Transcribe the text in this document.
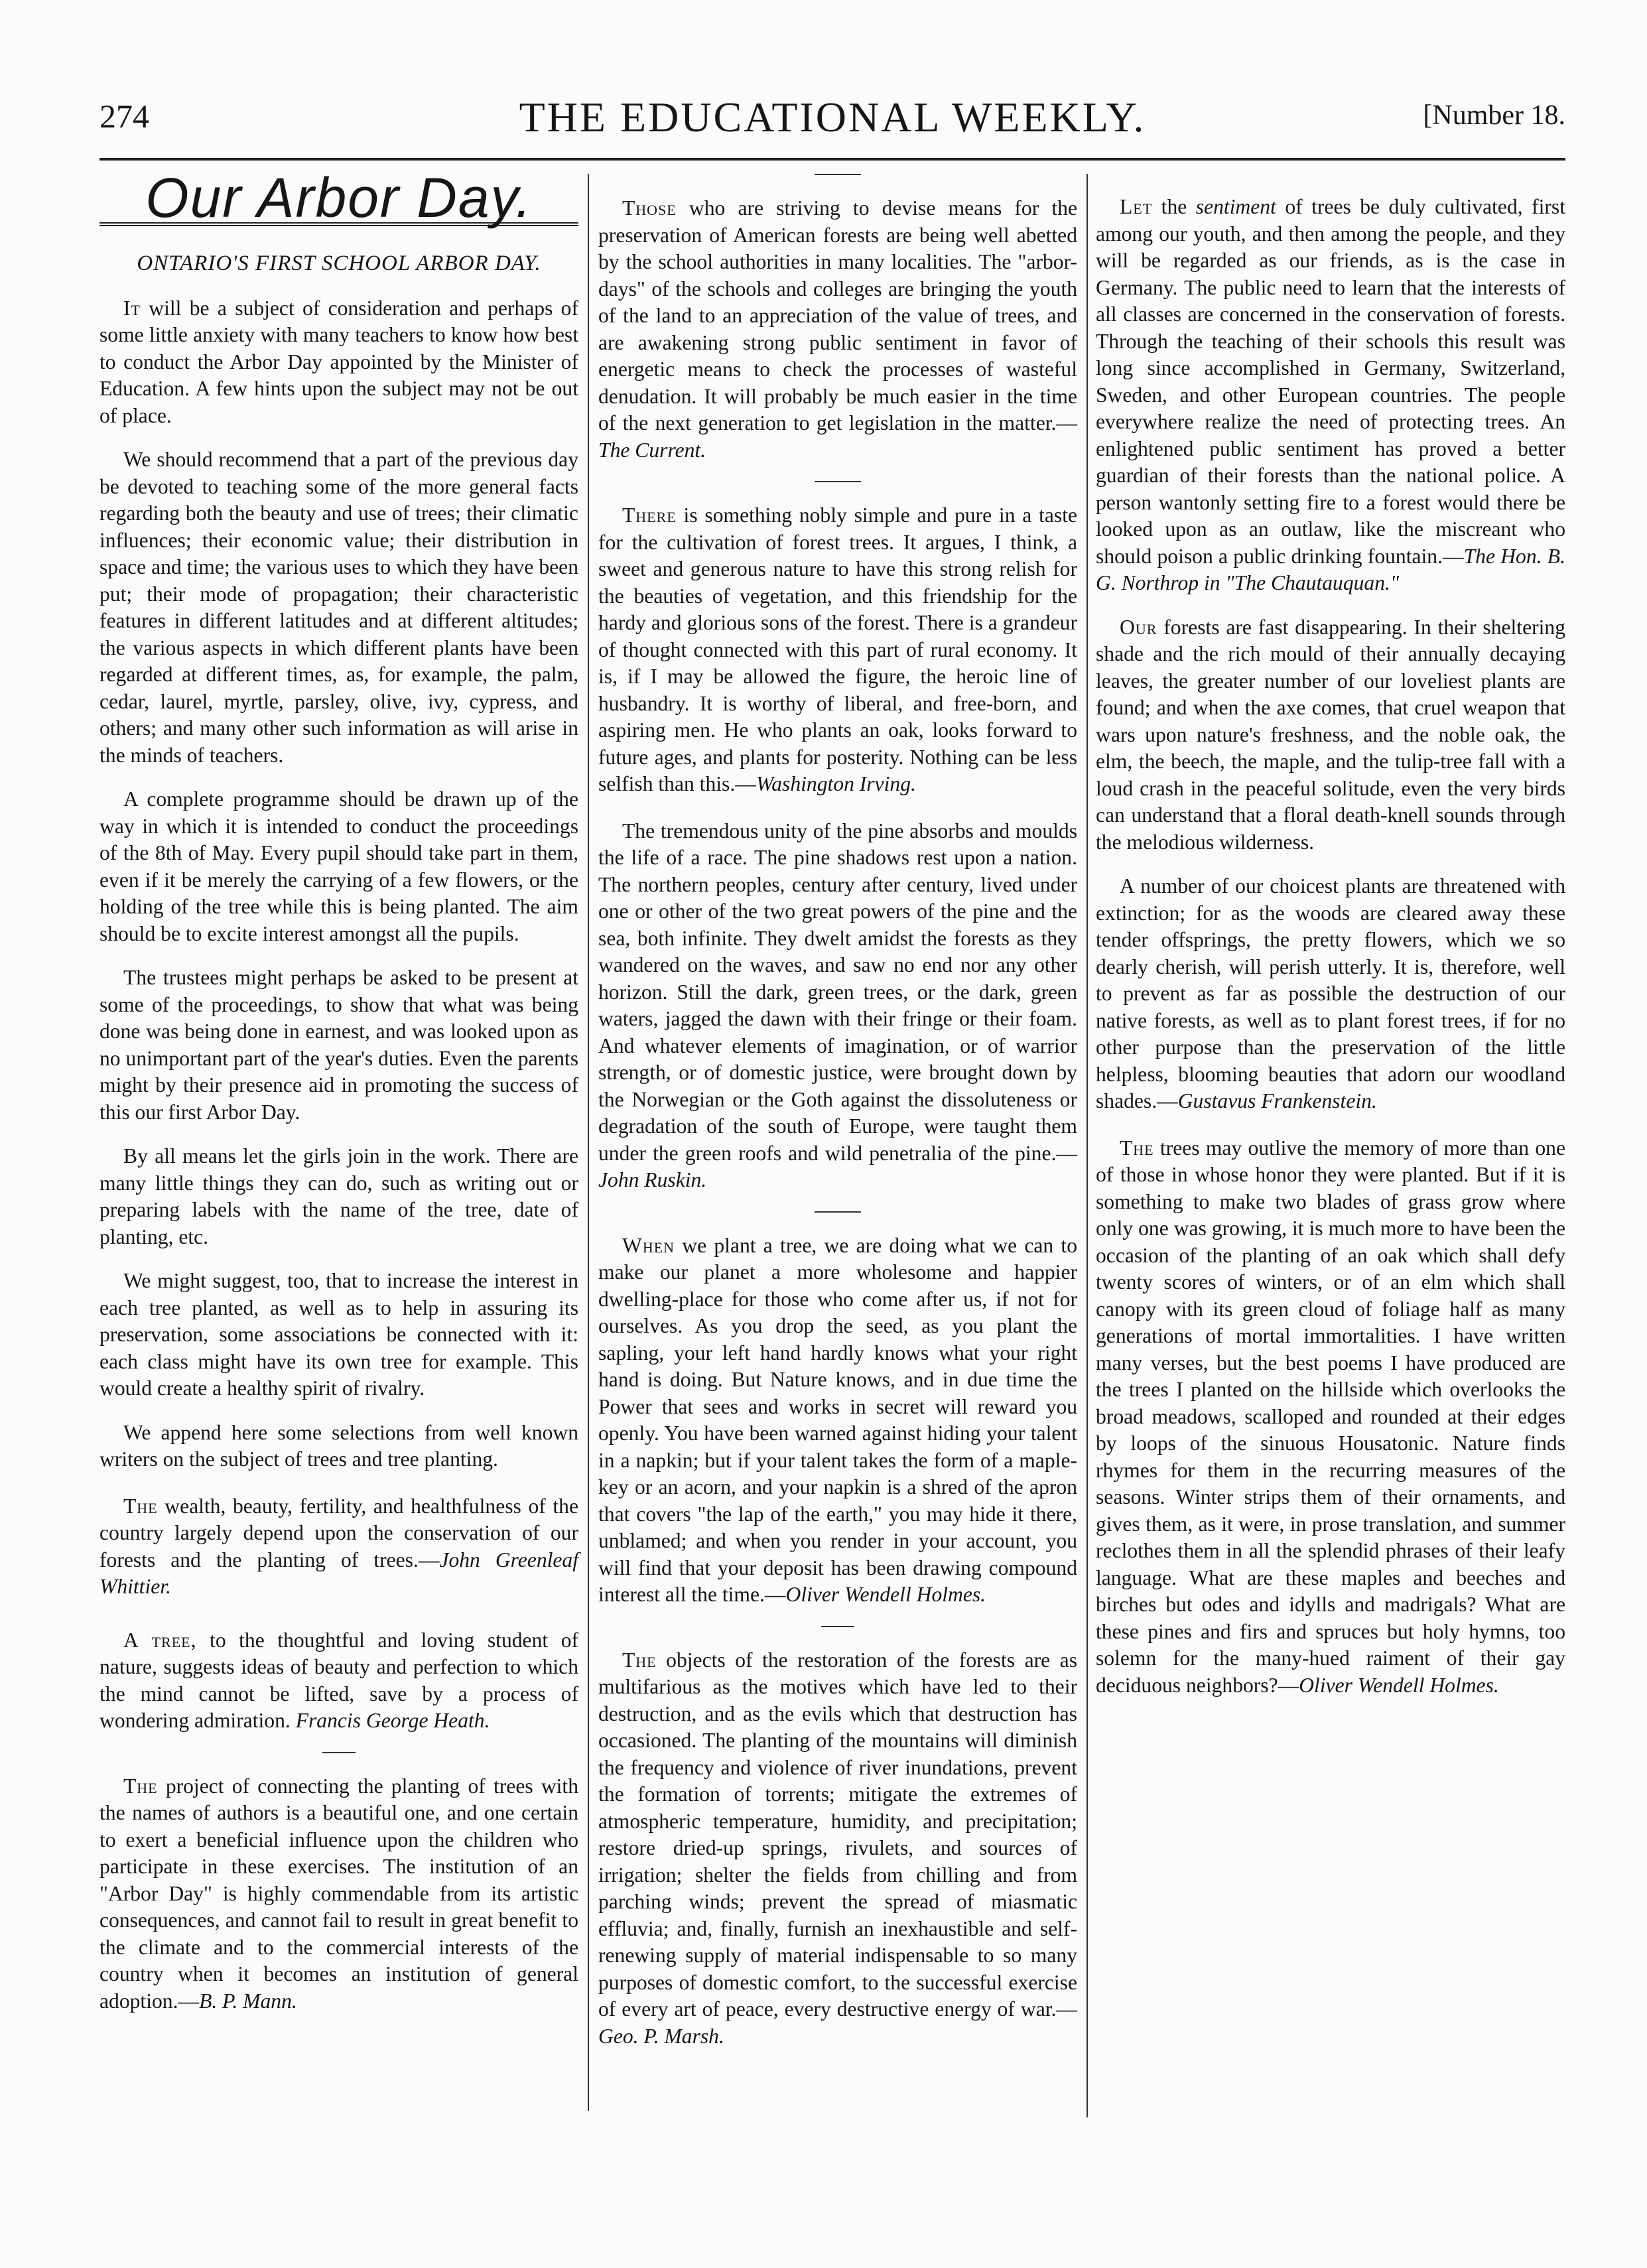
274	THE EDUCATIONAL WEEKLY.	[Number 18.
Our Arbor Day.
ONTARIO'S FIRST SCHOOL ARBOR DAY.

It will be a subject of consideration and perhaps of some little anxiety with many teachers to know how best to conduct the Arbor Day appointed by the Minister of Education. A few hints upon the subject may not be out of place.

We should recommend that a part of the previous day be devoted to teaching some of the more general facts regarding both the beauty and use of trees; their climatic influences; their economic value; their distribution in space and time; the various uses to which they have been put; their mode of propagation; their characteristic features in different latitudes and at different altitudes; the various aspects in which different plants have been regarded at different times, as, for example, the palm, cedar, laurel, myrtle, parsley, olive, ivy, cypress, and others; and many other such information as will arise in the minds of teachers.

A complete programme should be drawn up of the way in which it is intended to conduct the proceedings of the 8th of May. Every pupil should take part in them, even if it be merely the carrying of a few flowers, or the holding of the tree while this is being planted. The aim should be to excite interest amongst all the pupils.

The trustees might perhaps be asked to be present at some of the proceedings, to show that what was being done was being done in earnest, and was looked upon as no unimportant part of the year's duties. Even the parents might by their presence aid in promoting the success of this our first Arbor Day.

By all means let the girls join in the work. There are many little things they can do, such as writing out or preparing labels with the name of the tree, date of planting, etc.

We might suggest, too, that to increase the interest in each tree planted, as well as to help in assuring its preservation, some associations be connected with it: each class might have its own tree for example. This would create a healthy spirit of rivalry.

We append here some selections from well known writers on the subject of trees and tree planting.

The wealth, beauty, fertility, and healthfulness of the country largely depend upon the conservation of our forests and the planting of trees.—John Greenleaf Whittier.

A tree, to the thoughtful and loving student of nature, suggests ideas of beauty and perfection to which the mind cannot be lifted, save by a process of wondering admiration. Francis George Heath.

The project of connecting the planting of trees with the names of authors is a beautiful one, and one certain to exert a beneficial influence upon the children who participate in these exercises. The institution of an "Arbor Day" is highly commendable from its artistic consequences, and cannot fail to result in great benefit to the climate and to the commercial interests of the country when it becomes an institution of general adoption.—B. P. Mann.

Those who are striving to devise means for the preservation of American forests are being well abetted by the school authorities in many localities. The "arbor-days" of the schools and colleges are bringing the youth of the land to an appreciation of the value of trees, and are awakening strong public sentiment in favor of energetic means to check the processes of wasteful denudation. It will probably be much easier in the time of the next generation to get legislation in the matter.—The Current.

There is something nobly simple and pure in a taste for the cultivation of forest trees. It argues, I think, a sweet and generous nature to have this strong relish for the beauties of vegetation, and this friendship for the hardy and glorious sons of the forest. There is a grandeur of thought connected with this part of rural economy. It is, if I may be allowed the figure, the heroic line of husbandry. It is worthy of liberal, and free-born, and aspiring men. He who plants an oak, looks forward to future ages, and plants for posterity. Nothing can be less selfish than this.—Washington Irving.

The tremendous unity of the pine absorbs and moulds the life of a race. The pine shadows rest upon a nation. The northern peoples, century after century, lived under one or other of the two great powers of the pine and the sea, both infinite. They dwelt amidst the forests as they wandered on the waves, and saw no end nor any other horizon. Still the dark, green trees, or the dark, green waters, jagged the dawn with their fringe or their foam. And whatever elements of imagination, or of warrior strength, or of domestic justice, were brought down by the Norwegian or the Goth against the dissoluteness or degradation of the south of Europe, were taught them under the green roofs and wild penetralia of the pine.—John Ruskin.

When we plant a tree, we are doing what we can to make our planet a more wholesome and happier dwelling-place for those who come after us, if not for ourselves. As you drop the seed, as you plant the sapling, your left hand hardly knows what your right hand is doing. But Nature knows, and in due time the Power that sees and works in secret will reward you openly. You have been warned against hiding your talent in a napkin; but if your talent takes the form of a maple-key or an acorn, and your napkin is a shred of the apron that covers "the lap of the earth," you may hide it there, unblamed; and when you render in your account, you will find that your deposit has been drawing compound interest all the time.—Oliver Wendell Holmes.

The objects of the restoration of the forests are as multifarious as the motives which have led to their destruction, and as the evils which that destruction has occasioned. The planting of the mountains will diminish the frequency and violence of river inundations, prevent the formation of torrents; mitigate the extremes of atmospheric temperature, humidity, and precipitation; restore dried-up springs, rivulets, and sources of irrigation; shelter the fields from chilling and from parching winds; prevent the spread of miasmatic effluvia; and, finally, furnish an inexhaustible and self-renewing supply of material indispensable to so many purposes of domestic comfort, to the successful exercise of every art of peace, every destructive energy of war.—Geo. P. Marsh.

Let the sentiment of trees be duly cultivated, first among our youth, and then among the people, and they will be regarded as our friends, as is the case in Germany. The public need to learn that the interests of all classes are concerned in the conservation of forests. Through the teaching of their schools this result was long since accomplished in Germany, Switzerland, Sweden, and other European countries. The people everywhere realize the need of protecting trees. An enlightened public sentiment has proved a better guardian of their forests than the national police. A person wantonly setting fire to a forest would there be looked upon as an outlaw, like the miscreant who should poison a public drinking fountain.—The Hon. B. G. Northrop in "The Chautauquan."

Our forests are fast disappearing. In their sheltering shade and the rich mould of their annually decaying leaves, the greater number of our loveliest plants are found; and when the axe comes, that cruel weapon that wars upon nature's freshness, and the noble oak, the elm, the beech, the maple, and the tulip-tree fall with a loud crash in the peaceful solitude, even the very birds can understand that a floral death-knell sounds through the melodious wilderness.

A number of our choicest plants are threatened with extinction; for as the woods are cleared away these tender offsprings, the pretty flowers, which we so dearly cherish, will perish utterly. It is, therefore, well to prevent as far as possible the destruction of our native forests, as well as to plant forest trees, if for no other purpose than the preservation of the little helpless, blooming beauties that adorn our woodland shades.—Gustavus Frankenstein.

The trees may outlive the memory of more than one of those in whose honor they were planted. But if it is something to make two blades of grass grow where only one was growing, it is much more to have been the occasion of the planting of an oak which shall defy twenty scores of winters, or of an elm which shall canopy with its green cloud of foliage half as many generations of mortal immortalities. I have written many verses, but the best poems I have produced are the trees I planted on the hillside which overlooks the broad meadows, scalloped and rounded at their edges by loops of the sinuous Housatonic. Nature finds rhymes for them in the recurring measures of the seasons. Winter strips them of their ornaments, and gives them, as it were, in prose translation, and summer reclothes them in all the splendid phrases of their leafy language. What are these maples and beeches and birches but odes and idylls and madrigals? What are these pines and firs and spruces but holy hymns, too solemn for the many-hued raiment of their gay deciduous neighbors?—Oliver Wendell Holmes.
